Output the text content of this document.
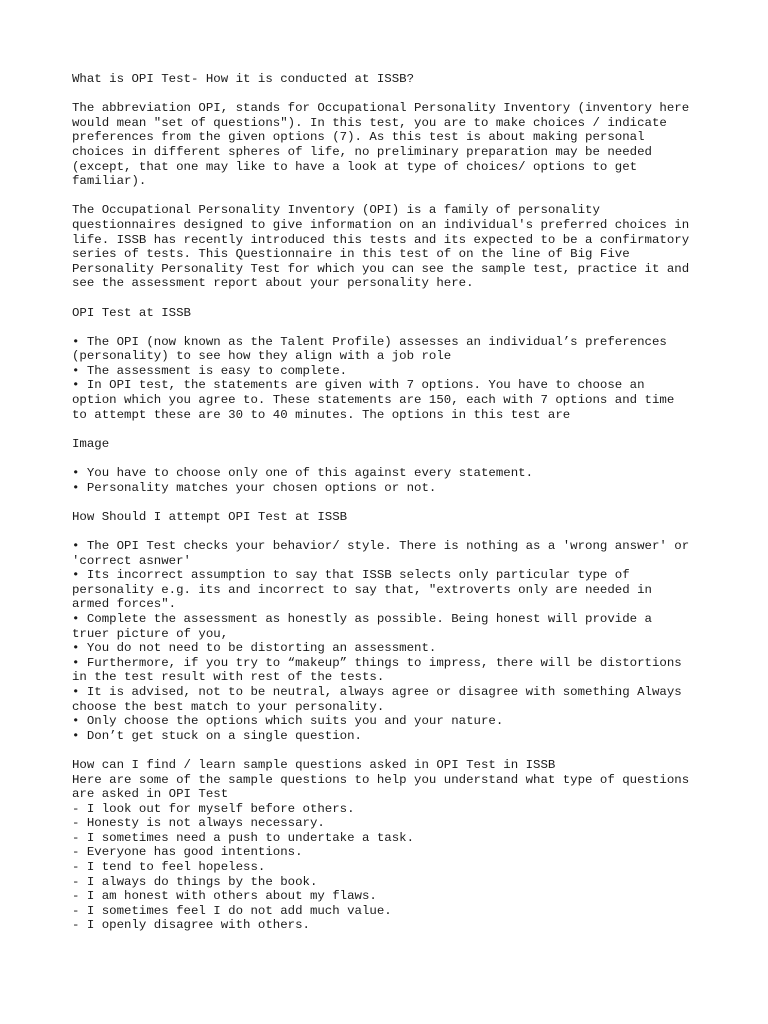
What is OPI Test- How it is conducted at ISSB?
The abbreviation OPI, stands for Occupational Personality Inventory (inventory here
would mean "set of questions"). In this test, you are to make choices / indicate
preferences from the given options (7). As this test is about making personal
choices in different spheres of life, no preliminary preparation may be needed
(except, that one may like to have a look at type of choices/ options to get
familiar).
The Occupational Personality Inventory (OPI) is a family of personality
questionnaires designed to give information on an individual's preferred choices in
life. ISSB has recently introduced this tests and its expected to be a confirmatory
series of tests. This Questionnaire in this test of on the line of Big Five
Personality Personality Test for which you can see the sample test, practice it and
see the assessment report about your personality here.
OPI Test at ISSB
• The OPI (now known as the Talent Profile) assesses an individual’s preferences
(personality) to see how they align with a job role
• The assessment is easy to complete.
• In OPI test, the statements are given with 7 options. You have to choose an
option which you agree to. These statements are 150, each with 7 options and time
to attempt these are 30 to 40 minutes. The options in this test are
Image
• You have to choose only one of this against every statement.
• Personality matches your chosen options or not.
How Should I attempt OPI Test at ISSB
• The OPI Test checks your behavior/ style. There is nothing as a 'wrong answer' or
'correct asnwer'
• Its incorrect assumption to say that ISSB selects only particular type of
personality e.g. its and incorrect to say that, "extroverts only are needed in
armed forces".
• Complete the assessment as honestly as possible. Being honest will provide a
truer picture of you,
• You do not need to be distorting an assessment.
• Furthermore, if you try to “makeup” things to impress, there will be distortions
in the test result with rest of the tests.
• It is advised, not to be neutral, always agree or disagree with something Always
choose the best match to your personality.
• Only choose the options which suits you and your nature.
• Don’t get stuck on a single question.
How can I find / learn sample questions asked in OPI Test in ISSB
Here are some of the sample questions to help you understand what type of questions
are asked in OPI Test
- I look out for myself before others.
- Honesty is not always necessary.
- I sometimes need a push to undertake a task.
- Everyone has good intentions.
- I tend to feel hopeless.
- I always do things by the book.
- I am honest with others about my flaws.
- I sometimes feel I do not add much value.
- I openly disagree with others.
